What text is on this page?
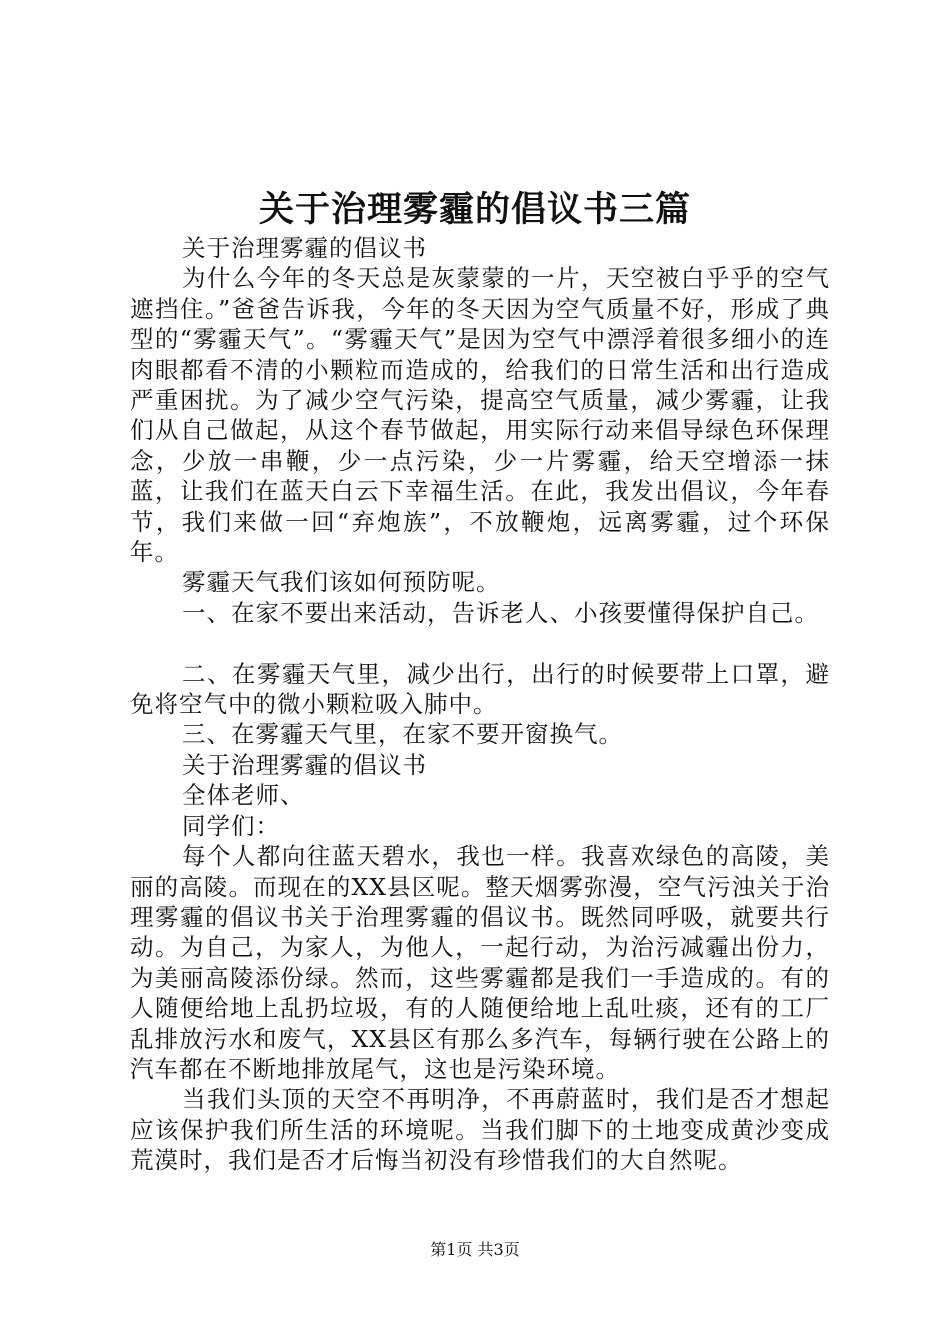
关于治理雾霾的倡议书三篇

关于治理雾霾的倡议书

为什么今年的冬天总是灰蒙蒙的一片，天空被白乎乎的空气遮挡住。”爸爸告诉我，今年的冬天因为空气质量不好，形成了典型的“雾霾天气”。“雾霾天气”是因为空气中漂浮着很多细小的连肉眼都看不清的小颗粒而造成的，给我们的日常生活和出行造成严重困扰。为了减少空气污染，提高空气质量，减少雾霾，让我们从自己做起，从这个春节做起，用实际行动来倡导绿色环保理念，少放一串鞭，少一点污染，少一片雾霾，给天空增添一抹蓝，让我们在蓝天白云下幸福生活。在此，我发出倡议，今年春节，我们来做一回“弃炮族”，不放鞭炮，远离雾霾，过个环保年。

雾霾天气我们该如何预防呢。

一、在家不要出来活动，告诉老人、小孩要懂得保护自己。

二、在雾霾天气里，减少出行，出行的时候要带上口罩，避免将空气中的微小颗粒吸入肺中。

三、在雾霾天气里，在家不要开窗换气。

关于治理雾霾的倡议书

全体老师、

同学们：

每个人都向往蓝天碧水，我也一样。我喜欢绿色的高陵，美丽的高陵。而现在的XX县区呢。整天烟雾弥漫，空气污浊关于治理雾霾的倡议书关于治理雾霾的倡议书。既然同呼吸，就要共行动。为自己，为家人，为他人，一起行动，为治污减霾出份力，为美丽高陵添份绿。然而，这些雾霾都是我们一手造成的。有的人随便给地上乱扔垃圾，有的人随便给地上乱吐痰，还有的工厂乱排放污水和废气，XX县区有那么多汽车，每辆行驶在公路上的汽车都在不断地排放尾气，这也是污染环境。

当我们头顶的天空不再明净，不再蔚蓝时，我们是否才想起应该保护我们所生活的环境呢。当我们脚下的土地变成黄沙变成荒漠时，我们是否才后悔当初没有珍惜我们的大自然呢。

第1页 共3页
